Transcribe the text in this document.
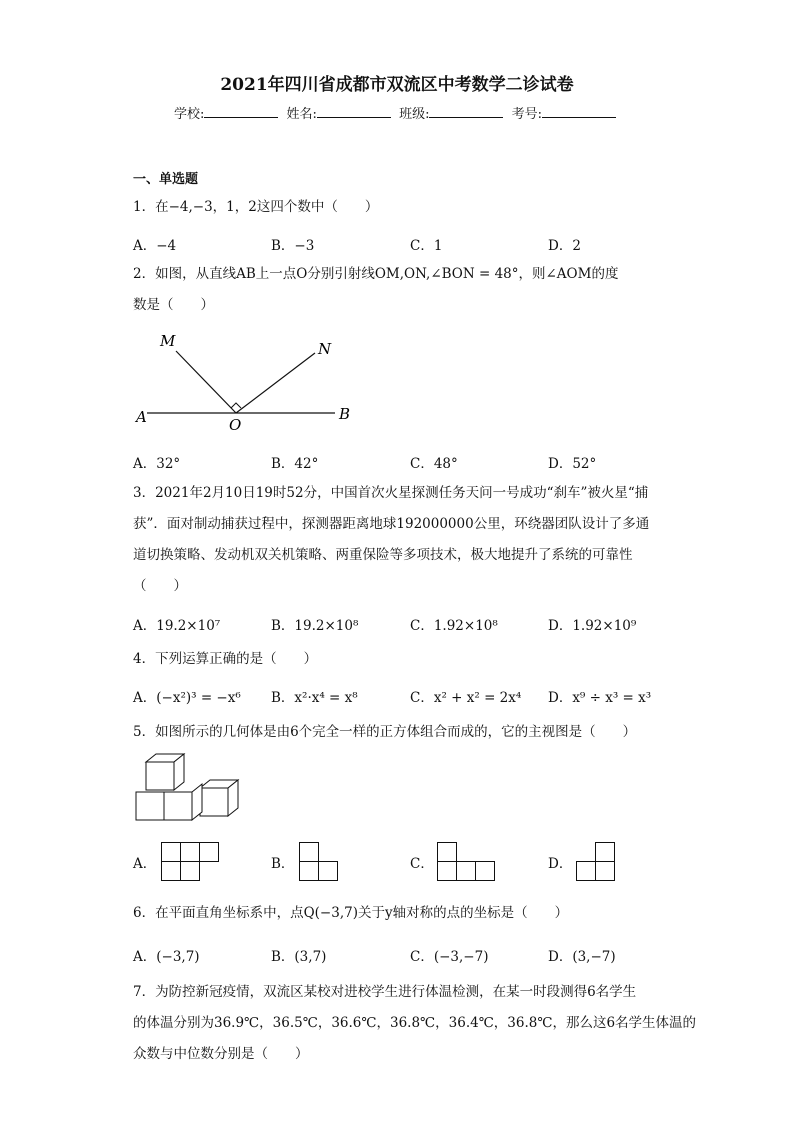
2021年四川省成都市双流区中考数学二诊试卷
学校:	姓名:	班级:	考号:
一、单选题
1．在−4,−3，1，2这四个数中（　　）
A．−4	B．−3	C．1	D．2
2．如图，从直线AB上一点O分别引射线OM,ON,∠BON = 48°，则∠AOM的度
数是（　　）
M	N
A	O
B
A．32°	B．42°	C．48°	D．52°
3．2021年2月10日19时52分，中国首次火星探测任务天问一号成功“刹车”被火星“捕
获”．面对制动捕获过程中，探测器距离地球192000000公里，环绕器团队设计了多通
道切换策略、发动机双关机策略、两重保险等多项技术，极大地提升了系统的可靠性
（　　）
A．19.2×10⁷	B．19.2×10⁸	C．1.92×10⁸	D．1.92×10⁹
4．下列运算正确的是（　　）
A．(−x²)³ = −x⁶ B．x²·x⁴ = x⁸	C．x² + x² = 2x⁴ D．x⁹ ÷ x³ = x³
5．如图所示的几何体是由6个完全一样的正方体组合而成的，它的主视图是（　　）
A．	B．	C．	D．
6．在平面直角坐标系中，点Q(−3,7)关于y轴对称的点的坐标是（　　）
A．(−3,7)	B．(3,7)	C．(−3,−7)	D．(3,−7)
7．为防控新冠疫情，双流区某校对进校学生进行体温检测，在某一时段测得6名学生
的体温分别为36.9℃，36.5℃，36.6℃，36.8℃，36.4℃，36.8℃，那么这6名学生体温的
众数与中位数分别是（　　）
